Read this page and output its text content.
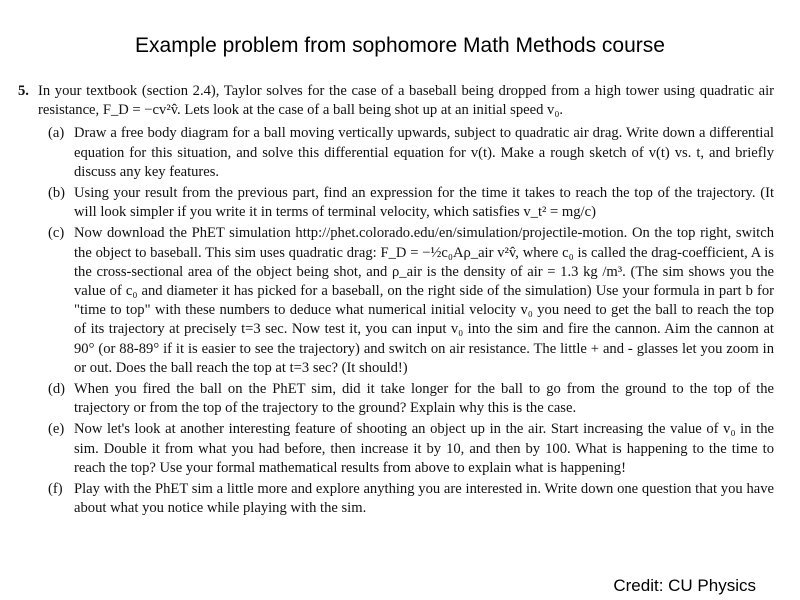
Example problem from sophomore Math Methods course
5. In your textbook (section 2.4), Taylor solves for the case of a baseball being dropped from a high tower using quadratic air resistance, F_D = −cv²v̂. Lets look at the case of a ball being shot up at an initial speed v₀.
(a) Draw a free body diagram for a ball moving vertically upwards, subject to quadratic air drag. Write down a differential equation for this situation, and solve this differential equation for v(t). Make a rough sketch of v(t) vs. t, and briefly discuss any key features.
(b) Using your result from the previous part, find an expression for the time it takes to reach the top of the trajectory. (It will look simpler if you write it in terms of terminal velocity, which satisfies v_t² = mg/c)
(c) Now download the PhET simulation http://phet.colorado.edu/en/simulation/projectile-motion. On the top right, switch the object to baseball. This sim uses quadratic drag: F_D = −½c₀Aρ_air v²v̂, where c₀ is called the drag-coefficient, A is the cross-sectional area of the object being shot, and ρ_air is the density of air = 1.3 kg /m³. (The sim shows you the value of c₀ and diameter it has picked for a baseball, on the right side of the simulation) Use your formula in part b for "time to top" with these numbers to deduce what numerical initial velocity v₀ you need to get the ball to reach the top of its trajectory at precisely t=3 sec. Now test it, you can input v₀ into the sim and fire the cannon. Aim the cannon at 90° (or 88-89° if it is easier to see the trajectory) and switch on air resistance. The little + and - glasses let you zoom in or out. Does the ball reach the top at t=3 sec? (It should!)
(d) When you fired the ball on the PhET sim, did it take longer for the ball to go from the ground to the top of the trajectory or from the top of the trajectory to the ground? Explain why this is the case.
(e) Now let's look at another interesting feature of shooting an object up in the air. Start increasing the value of v₀ in the sim. Double it from what you had before, then increase it by 10, and then by 100. What is happening to the time to reach the top? Use your formal mathematical results from above to explain what is happening!
(f) Play with the PhET sim a little more and explore anything you are interested in. Write down one question that you have about what you notice while playing with the sim.
Credit: CU Physics
